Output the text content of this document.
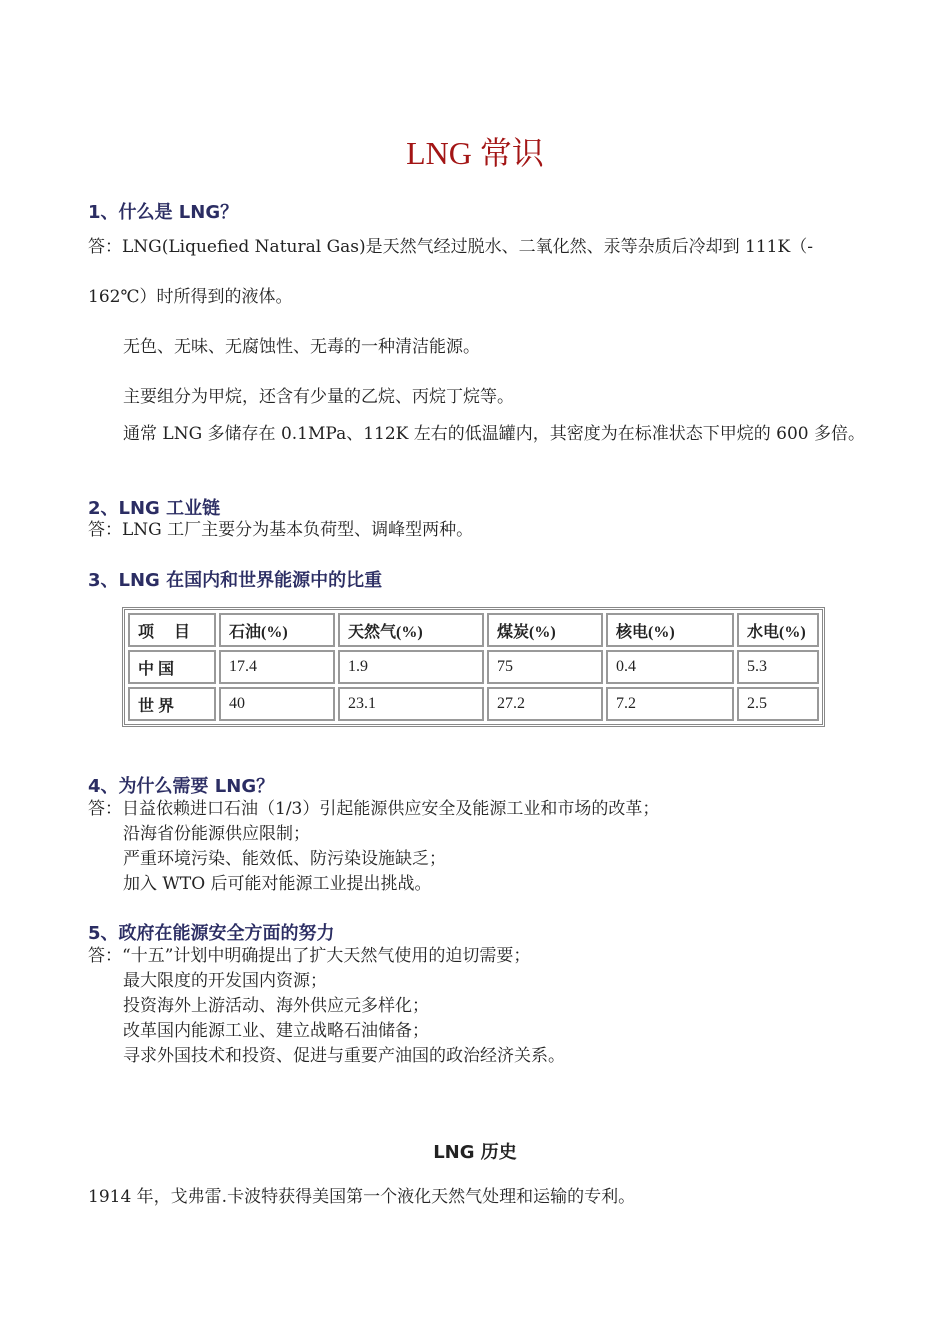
LNG 常识
1、什么是 LNG？
答：LNG(Liquefied Natural Gas)是天然气经过脱水、二氧化然、汞等杂质后冷却到 111K（-
162℃）时所得到的液体。
无色、无味、无腐蚀性、无毒的一种清洁能源。
主要组分为甲烷，还含有少量的乙烷、丙烷丁烷等。
通常 LNG 多储存在 0.1MPa、112K 左右的低温罐内，其密度为在标准状态下甲烷的 600 多倍。
2、LNG 工业链
答：LNG 工厂主要分为基本负荷型、调峰型两种。
3、LNG 在国内和世界能源中的比重
项　 目	石油(%)	天然气(%)	煤炭(%)	核电(%)	水电(%)
中 国	17.4	1.9	75	0.4	5.3
世 界	40	23.1	27.2	7.2	2.5
4、为什么需要 LNG？
答：日益依赖进口石油（1/3）引起能源供应安全及能源工业和市场的改革；
沿海省份能源供应限制；
严重环境污染、能效低、防污染设施缺乏；
加入 WTO 后可能对能源工业提出挑战。
5、政府在能源安全方面的努力
答：“十五”计划中明确提出了扩大天然气使用的迫切需要；
最大限度的开发国内资源；
投资海外上游活动、海外供应元多样化；
改革国内能源工业、建立战略石油储备；
寻求外国技术和投资、促进与重要产油国的政治经济关系。
LNG 历史
1914 年，戈弗雷.卡波特获得美国第一个液化天然气处理和运输的专利。
